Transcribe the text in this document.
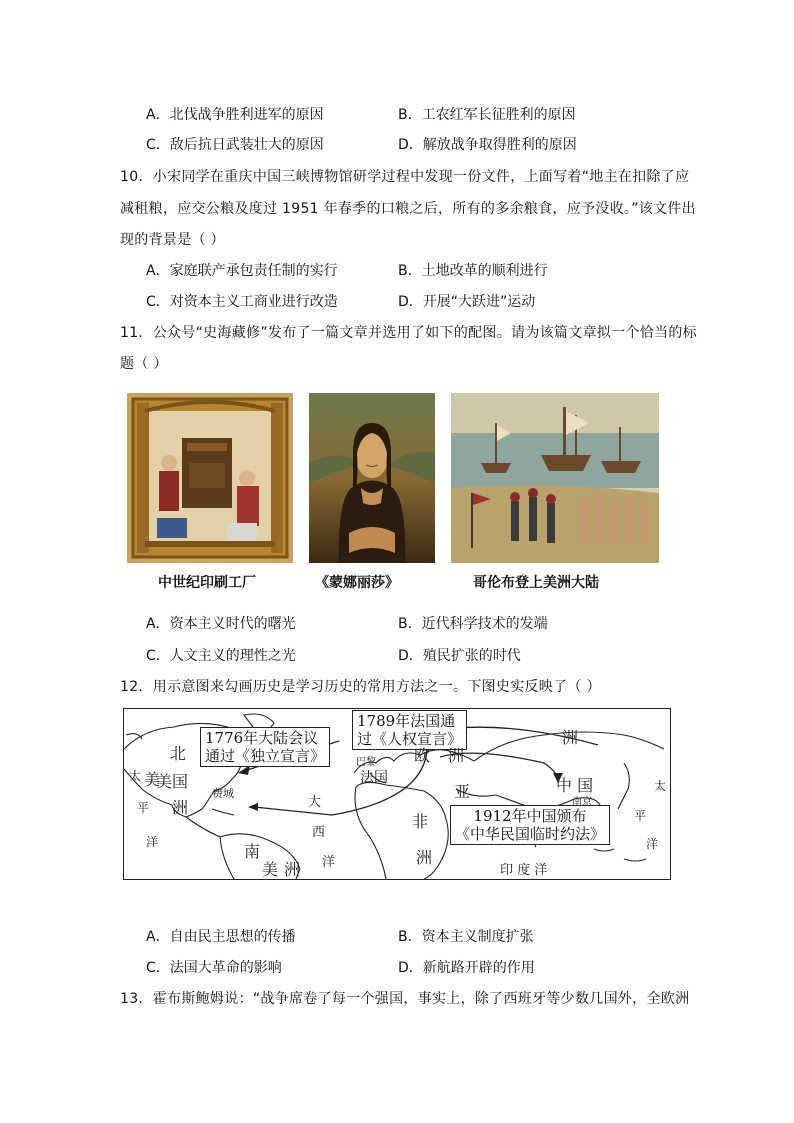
A．北伐战争胜利进军的原因	B．工农红军长征胜利的原因
C．敌后抗日武装壮大的原因	D．解放战争取得胜利的原因
10．小宋同学在重庆中国三峡博物馆研学过程中发现一份文件，上面写着“地主在扣除了应
减租粮，应交公粮及度过 1951 年春季的口粮之后，所有的多余粮食，应予没收。”该文件出
现的背景是（ ）
A．家庭联产承包责任制的实行	B．土地改革的顺利进行
C．对资本主义工商业进行改造	D．开展“大跃进”运动
11．公众号“史海藏修”发布了一篇文章并选用了如下的配图。请为该篇文章拟一个恰当的标
题（ ）
中世纪印刷工厂	《蒙娜丽莎》	哥伦布登上美洲大陆
A．资本主义时代的曙光	B．近代科学技术的发端
C．人文主义的理性之光	D．殖民扩张的时代
12．用示意图来勾画历史是学习历史的常用方法之一。下图史实反映了（ ）
1776年大陆会议
通过《独立宣言》
1789年法国通
过《人权宣言》
1912年中国颁布
《中华民国临时约法》
北
美国
美
洲
太
平
洋
费城
大
西
洋
南
美 洲
法国
巴黎 欧 洲
亚
非
洲
洲
中 国
南京
太
平
洋
印 度 洋
A．自由民主思想的传播	B．资本主义制度扩张
C．法国大革命的影响	D．新航路开辟的作用
13．霍布斯鲍姆说：“战争席卷了每一个强国，事实上，除了西班牙等少数几国外，全欧洲
